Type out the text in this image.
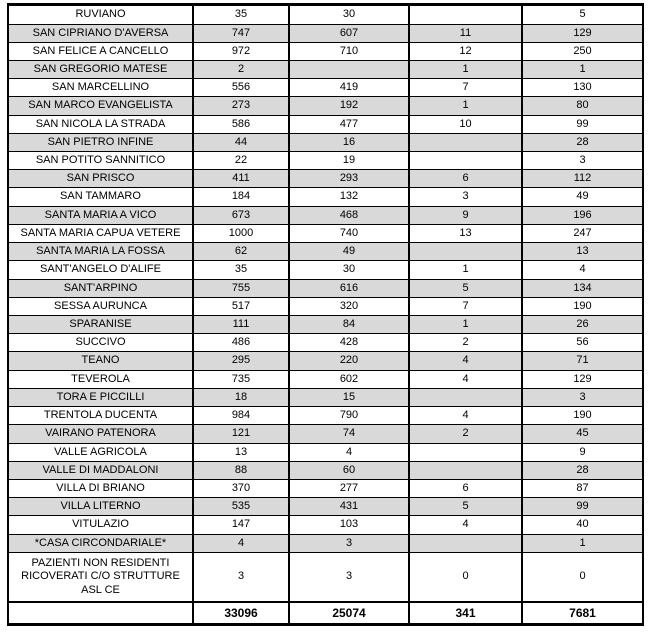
RUVIANO	35	30		5
SAN CIPRIANO D'AVERSA	747	607	11	129
SAN FELICE A CANCELLO	972	710	12	250
SAN GREGORIO MATESE	2		1	1
SAN MARCELLINO	556	419	7	130
SAN MARCO EVANGELISTA	273	192	1	80
SAN NICOLA LA STRADA	586	477	10	99
SAN PIETRO INFINE	44	16		28
SAN POTITO SANNITICO	22	19		3
SAN PRISCO	411	293	6	112
SAN TAMMARO	184	132	3	49
SANTA MARIA A VICO	673	468	9	196
SANTA MARIA CAPUA VETERE	1000	740	13	247
SANTA MARIA LA FOSSA	62	49		13
SANT'ANGELO D'ALIFE	35	30	1	4
SANT'ARPINO	755	616	5	134
SESSA AURUNCA	517	320	7	190
SPARANISE	111	84	1	26
SUCCIVO	486	428	2	56
TEANO	295	220	4	71
TEVEROLA	735	602	4	129
TORA E PICCILLI	18	15		3
TRENTOLA DUCENTA	984	790	4	190
VAIRANO PATENORA	121	74	2	45
VALLE AGRICOLA	13	4		9
VALLE DI MADDALONI	88	60		28
VILLA DI BRIANO	370	277	6	87
VILLA LITERNO	535	431	5	99
VITULAZIO	147	103	4	40
*CASA CIRCONDARIALE*	4	3		1
PAZIENTI NON RESIDENTI RICOVERATI C/O STRUTTURE ASL CE	3	3	0	0
	33096	25074	341	7681
